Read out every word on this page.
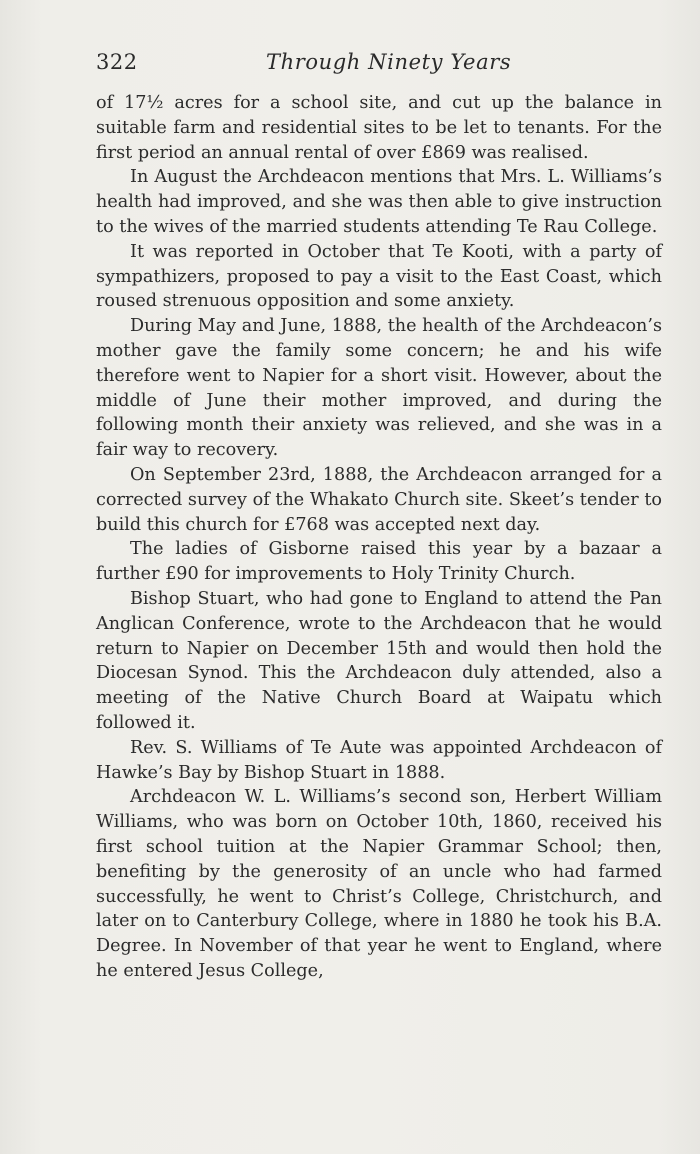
322	Through Ninety Years

of 17½ acres for a school site, and cut up the balance in suitable farm and residential sites to be let to tenants. For the first period an annual rental of over £869 was realised.

In August the Archdeacon mentions that Mrs. L. Williams’s health had improved, and she was then able to give instruction to the wives of the married students attending Te Rau College.

It was reported in October that Te Kooti, with a party of sympathizers, proposed to pay a visit to the East Coast, which roused strenuous opposition and some anxiety.

During May and June, 1888, the health of the Archdeacon’s mother gave the family some concern; he and his wife therefore went to Napier for a short visit. However, about the middle of June their mother improved, and during the following month their anxiety was relieved, and she was in a fair way to recovery.

On September 23rd, 1888, the Archdeacon arranged for a corrected survey of the Whakato Church site. Skeet’s tender to build this church for £768 was accepted next day.

The ladies of Gisborne raised this year by a bazaar a further £90 for improvements to Holy Trinity Church.

Bishop Stuart, who had gone to England to attend the Pan Anglican Conference, wrote to the Archdeacon that he would return to Napier on December 15th and would then hold the Diocesan Synod. This the Archdeacon duly attended, also a meeting of the Native Church Board at Waipatu which followed it.

Rev. S. Williams of Te Aute was appointed Archdeacon of Hawke’s Bay by Bishop Stuart in 1888.

Archdeacon W. L. Williams’s second son, Herbert William Williams, who was born on October 10th, 1860, received his first school tuition at the Napier Grammar School; then, benefiting by the generosity of an uncle who had farmed successfully, he went to Christ’s College, Christchurch, and later on to Canterbury College, where in 1880 he took his B.A. Degree. In November of that year he went to England, where he entered Jesus College,
